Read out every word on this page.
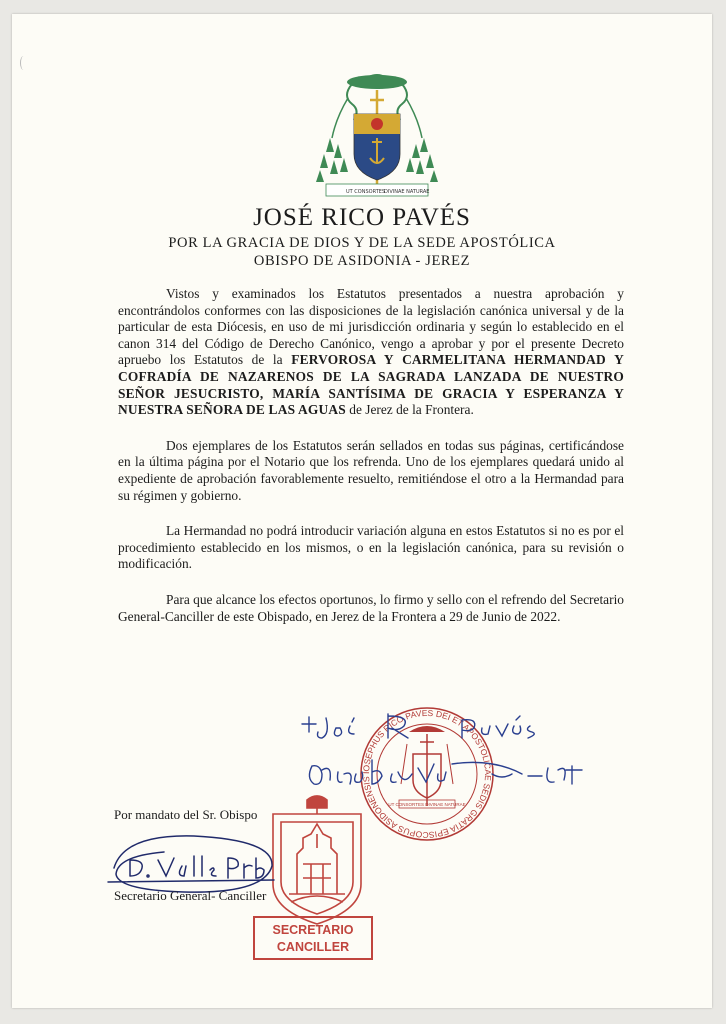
UT CONSORTES
DIVINAE NATURAE
JOSÉ RICO PAVÉS
POR LA GRACIA DE DIOS Y DE LA SEDE APOSTÓLICA
OBISPO DE ASIDONIA - JEREZ

Vistos y examinados los Estatutos presentados a nuestra aprobación y encontrándolos conformes con las disposiciones de la legislación canónica universal y de la particular de esta Diócesis, en uso de mi jurisdicción ordinaria y según lo establecido en el canon 314 del Código de Derecho Canónico, vengo a aprobar y por el presente Decreto apruebo los Estatutos de la FERVOROSA Y CARMELITANA HERMANDAD Y COFRADÍA DE NAZARENOS DE LA SAGRADA LANZADA DE NUESTRO SEÑOR JESUCRISTO, MARÍA SANTÍSIMA DE GRACIA Y ESPERANZA Y NUESTRA SEÑORA DE LAS AGUAS de Jerez de la Frontera.

Dos ejemplares de los Estatutos serán sellados en todas sus páginas, certificándose en la última página por el Notario que los refrenda. Uno de los ejemplares quedará unido al expediente de aprobación favorablemente resuelto, remitiéndose el otro a la Hermandad para su régimen y gobierno.

La Hermandad no podrá introducir variación alguna en estos Estatutos si no es por el procedimiento establecido en los mismos, o en la legislación canónica, para su revisión o modificación.

Para que alcance los efectos oportunos, lo firmo y sello con el refrendo del Secretario General-Canciller de este Obispado, en Jerez de la Frontera a 29 de Junio de 2022.

IOSEPHUS RICO PAVES DEI ET APOSTOLICAE SEDIS GRATIA EPISCOPUS ASIDONENSIS
UT CONSORTES DIVINAE NATURAE
Por mandato del Sr. Obispo
Secretario General- Canciller
SECRETARIO
CANCILLER
